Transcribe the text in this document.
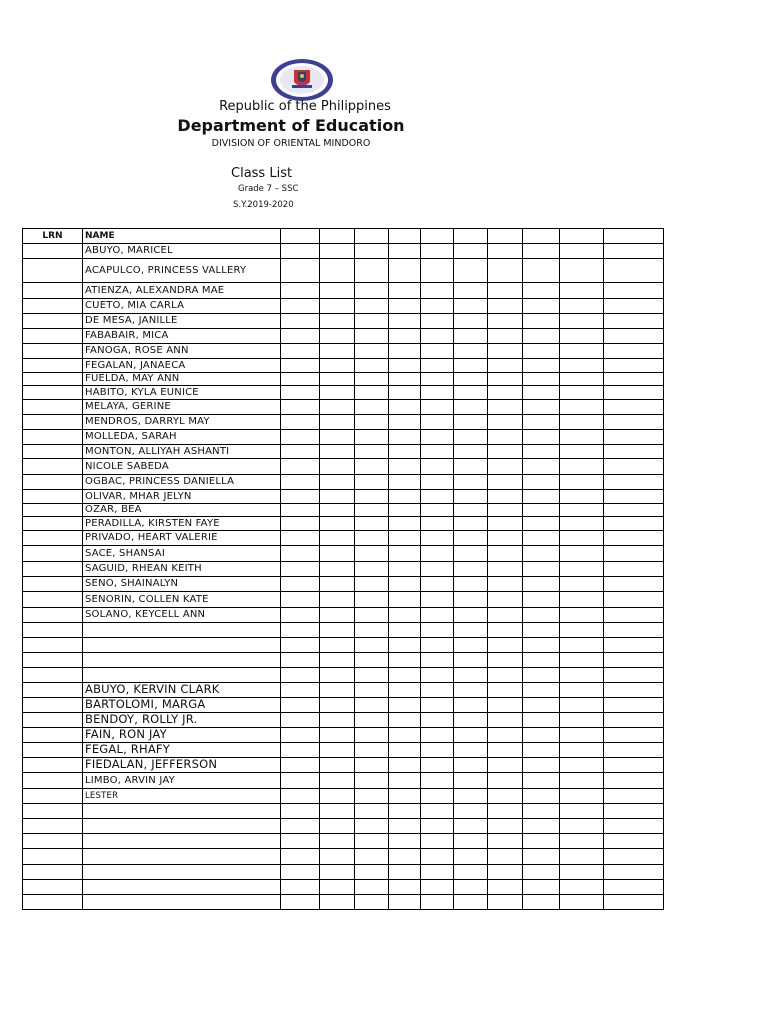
Republic of the Philippines
Department of Education
DIVISION OF ORIENTAL MINDORO
Class List
Grade 7 – SSC
S.Y.2019-2020
LRN	NAME										
	ABUYO, MARICEL										
	ACAPULCO, PRINCESS VALLERY										
	ATIENZA, ALEXANDRA MAE										
	CUETO, MIA CARLA										
	DE MESA, JANILLE										
	FABABAIR, MICA										
	FANOGA, ROSE ANN										
	FEGALAN, JANAECA										
	FUELDA, MAY ANN										
	HABITO, KYLA EUNICE										
	MELAYA, GERINE										
	MENDROS, DARRYL MAY										
	MOLLEDA, SARAH										
	MONTON, ALLIYAH ASHANTI										
	NICOLE SABEDA										
	OGBAC, PRINCESS DANIELLA										
	OLIVAR, MHAR JELYN										
	OZAR, BEA										
	PERADILLA, KIRSTEN FAYE										
	PRIVADO, HEART VALERIE										
	SACE, SHANSAI										
	SAGUID, RHEAN KEITH										
	SENO, SHAINALYN										
	SENORIN, COLLEN KATE										
	SOLANO, KEYCELL ANN										

	ABUYO, KERVIN CLARK										
	BARTOLOMI, MARGA										
	BENDOY, ROLLY JR.										
	FAIN, RON JAY										
	FEGAL, RHAFY										
	FIEDALAN, JEFFERSON										
	LIMBO, ARVIN JAY										
	LESTER										
